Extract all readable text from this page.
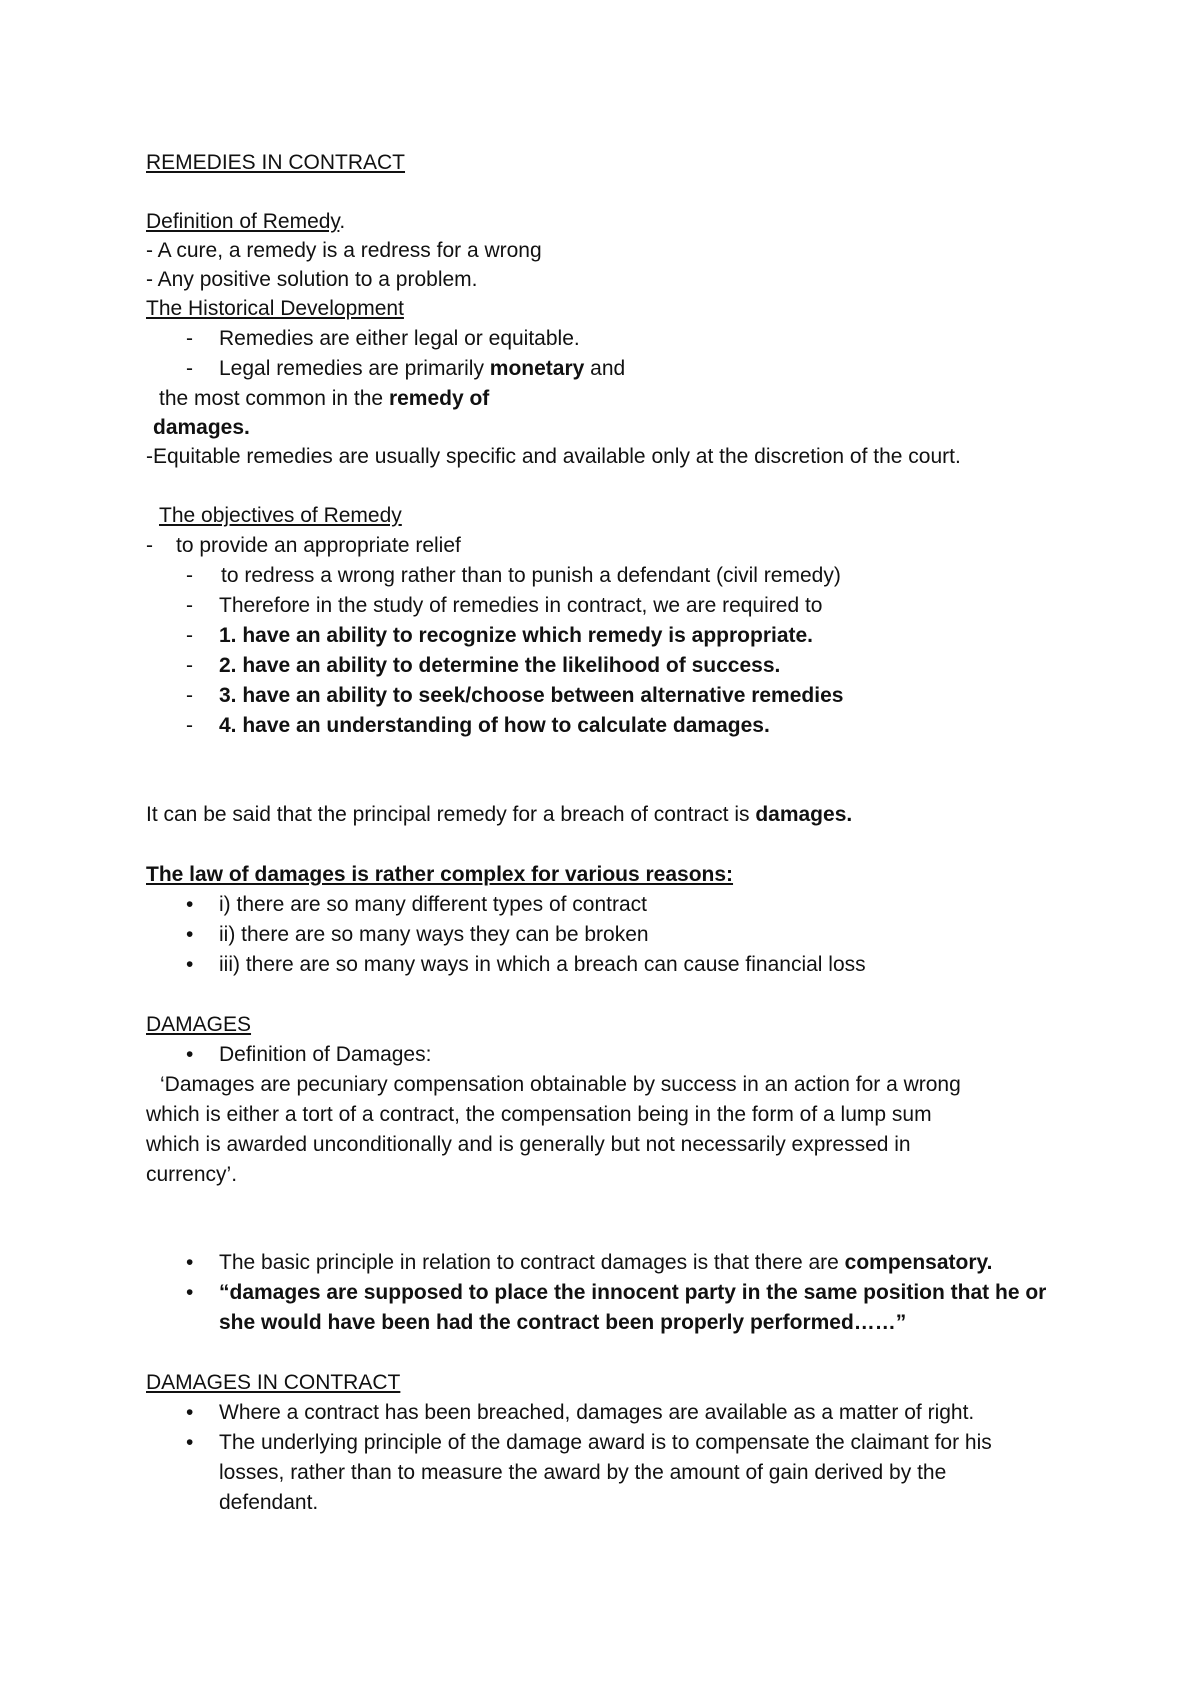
REMEDIES IN CONTRACT
Definition of Remedy.
- A cure, a remedy is a redress for a wrong
- Any positive solution to a problem.
The Historical Development
- Remedies are either legal or equitable.
- Legal remedies are primarily monetary and
the most common in the remedy of
damages.
-Equitable remedies are usually specific and available only at the discretion of the court.
The objectives of Remedy
- to provide an appropriate relief
- to redress a wrong rather than to punish a defendant (civil remedy)
- Therefore in the study of remedies in contract, we are required to
- 1. have an ability to recognize which remedy is appropriate.
- 2. have an ability to determine the likelihood of success.
- 3. have an ability to seek/choose between alternative remedies
- 4. have an understanding of how to calculate damages.
It can be said that the principal remedy for a breach of contract is damages.
The law of damages is rather complex for various reasons:
• i) there are so many different types of contract
• ii) there are so many ways they can be broken
• iii) there are so many ways in which a breach can cause financial loss
DAMAGES
• Definition of Damages:
‘Damages are pecuniary compensation obtainable by success in an action for a wrong
which is either a tort of a contract, the compensation being in the form of a lump sum
which is awarded unconditionally and is generally but not necessarily expressed in
currency’.
• The basic principle in relation to contract damages is that there are compensatory.
• “damages are supposed to place the innocent party in the same position that he or
she would have been had the contract been properly performed……”
DAMAGES IN CONTRACT
• Where a contract has been breached, damages are available as a matter of right.
• The underlying principle of the damage award is to compensate the claimant for his
losses, rather than to measure the award by the amount of gain derived by the
defendant.
